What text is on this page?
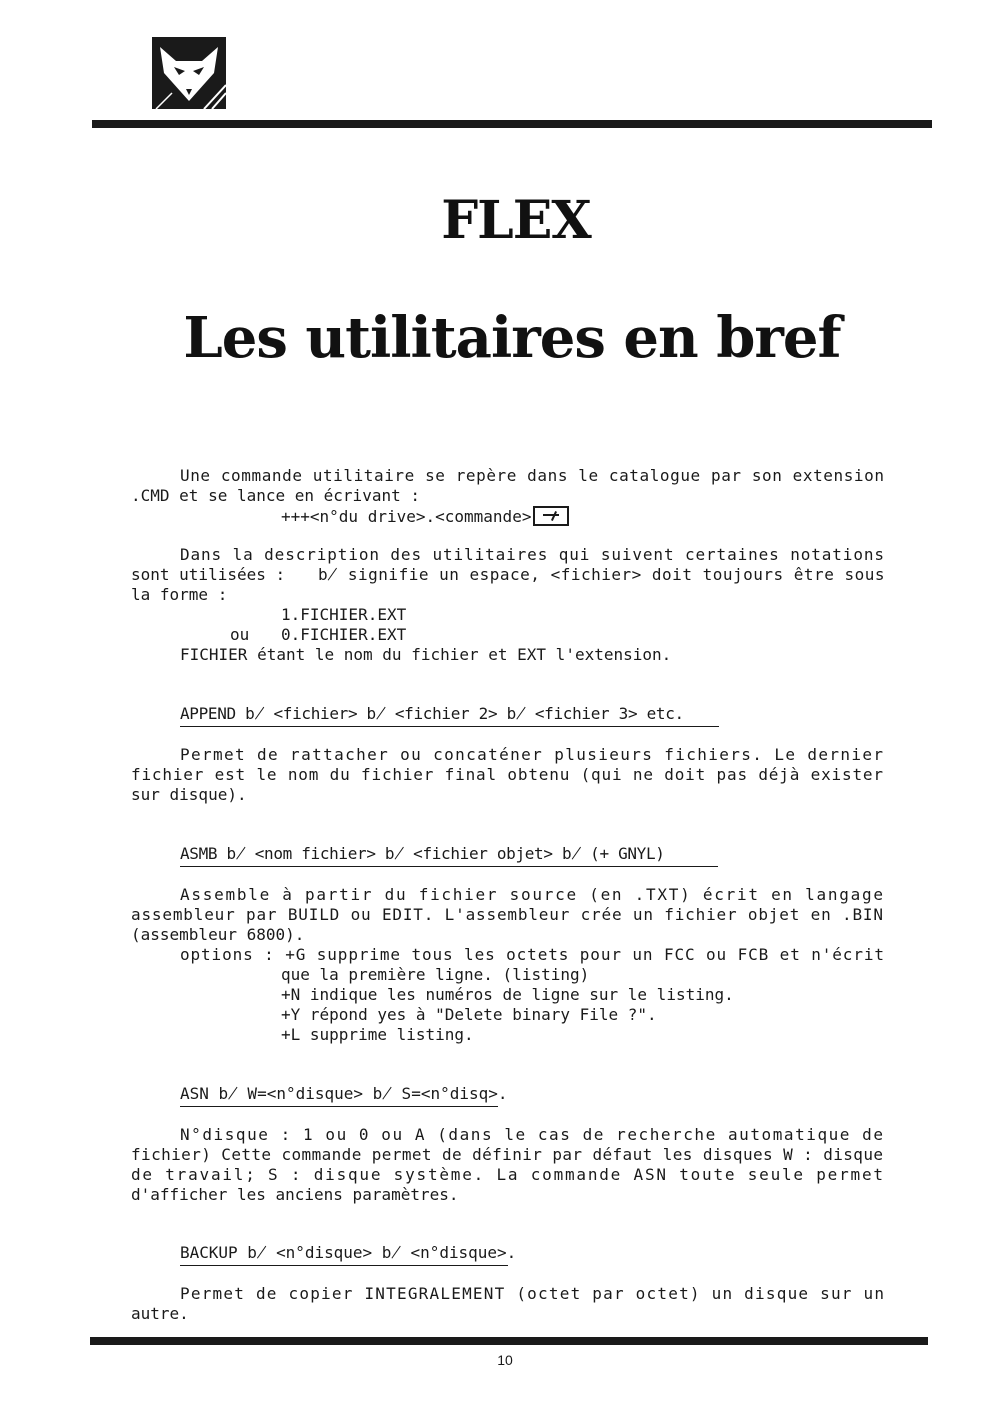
FLEX
Les utilitaires en bref
Une commande utilitaire se repère dans le catalogue par son extension
.CMD et se lance en écrivant :
+++<n°du drive>.<commande>
Dans la description des utilitaires qui suivent certaines notations
sont utilisées : b̸ signifie un espace, <fichier> doit toujours être sous
la forme :
1.FICHIER.EXT
ou 0.FICHIER.EXT
FICHIER étant le nom du fichier et EXT l'extension.
APPEND b̸ <fichier> b̸ <fichier 2> b̸ <fichier 3> etc.
Permet de rattacher ou concaténer plusieurs fichiers. Le dernier
fichier est le nom du fichier final obtenu (qui ne doit pas déjà exister
sur disque).
ASMB b̸ <nom fichier> b̸ <fichier objet> b̸ (+ GNYL)
Assemble à partir du fichier source (en .TXT) écrit en langage
assembleur par BUILD ou EDIT. L'assembleur crée un fichier objet en .BIN
(assembleur 6800).
options : +G supprime tous les octets pour un FCC ou FCB et n'écrit
que la première ligne. (listing)
+N indique les numéros de ligne sur le listing.
+Y répond yes à "Delete binary File ?".
+L supprime listing.
ASN b̸ W=<n°disque> b̸ S=<n°disq>.
N°disque : 1 ou 0 ou A (dans le cas de recherche automatique de
fichier) Cette commande permet de définir par défaut les disques W : disque
de travail; S : disque système. La commande ASN toute seule permet
d'afficher les anciens paramètres.
BACKUP b̸ <n°disque> b̸ <n°disque>.
Permet de copier INTEGRALEMENT (octet par octet) un disque sur un
autre.
10
